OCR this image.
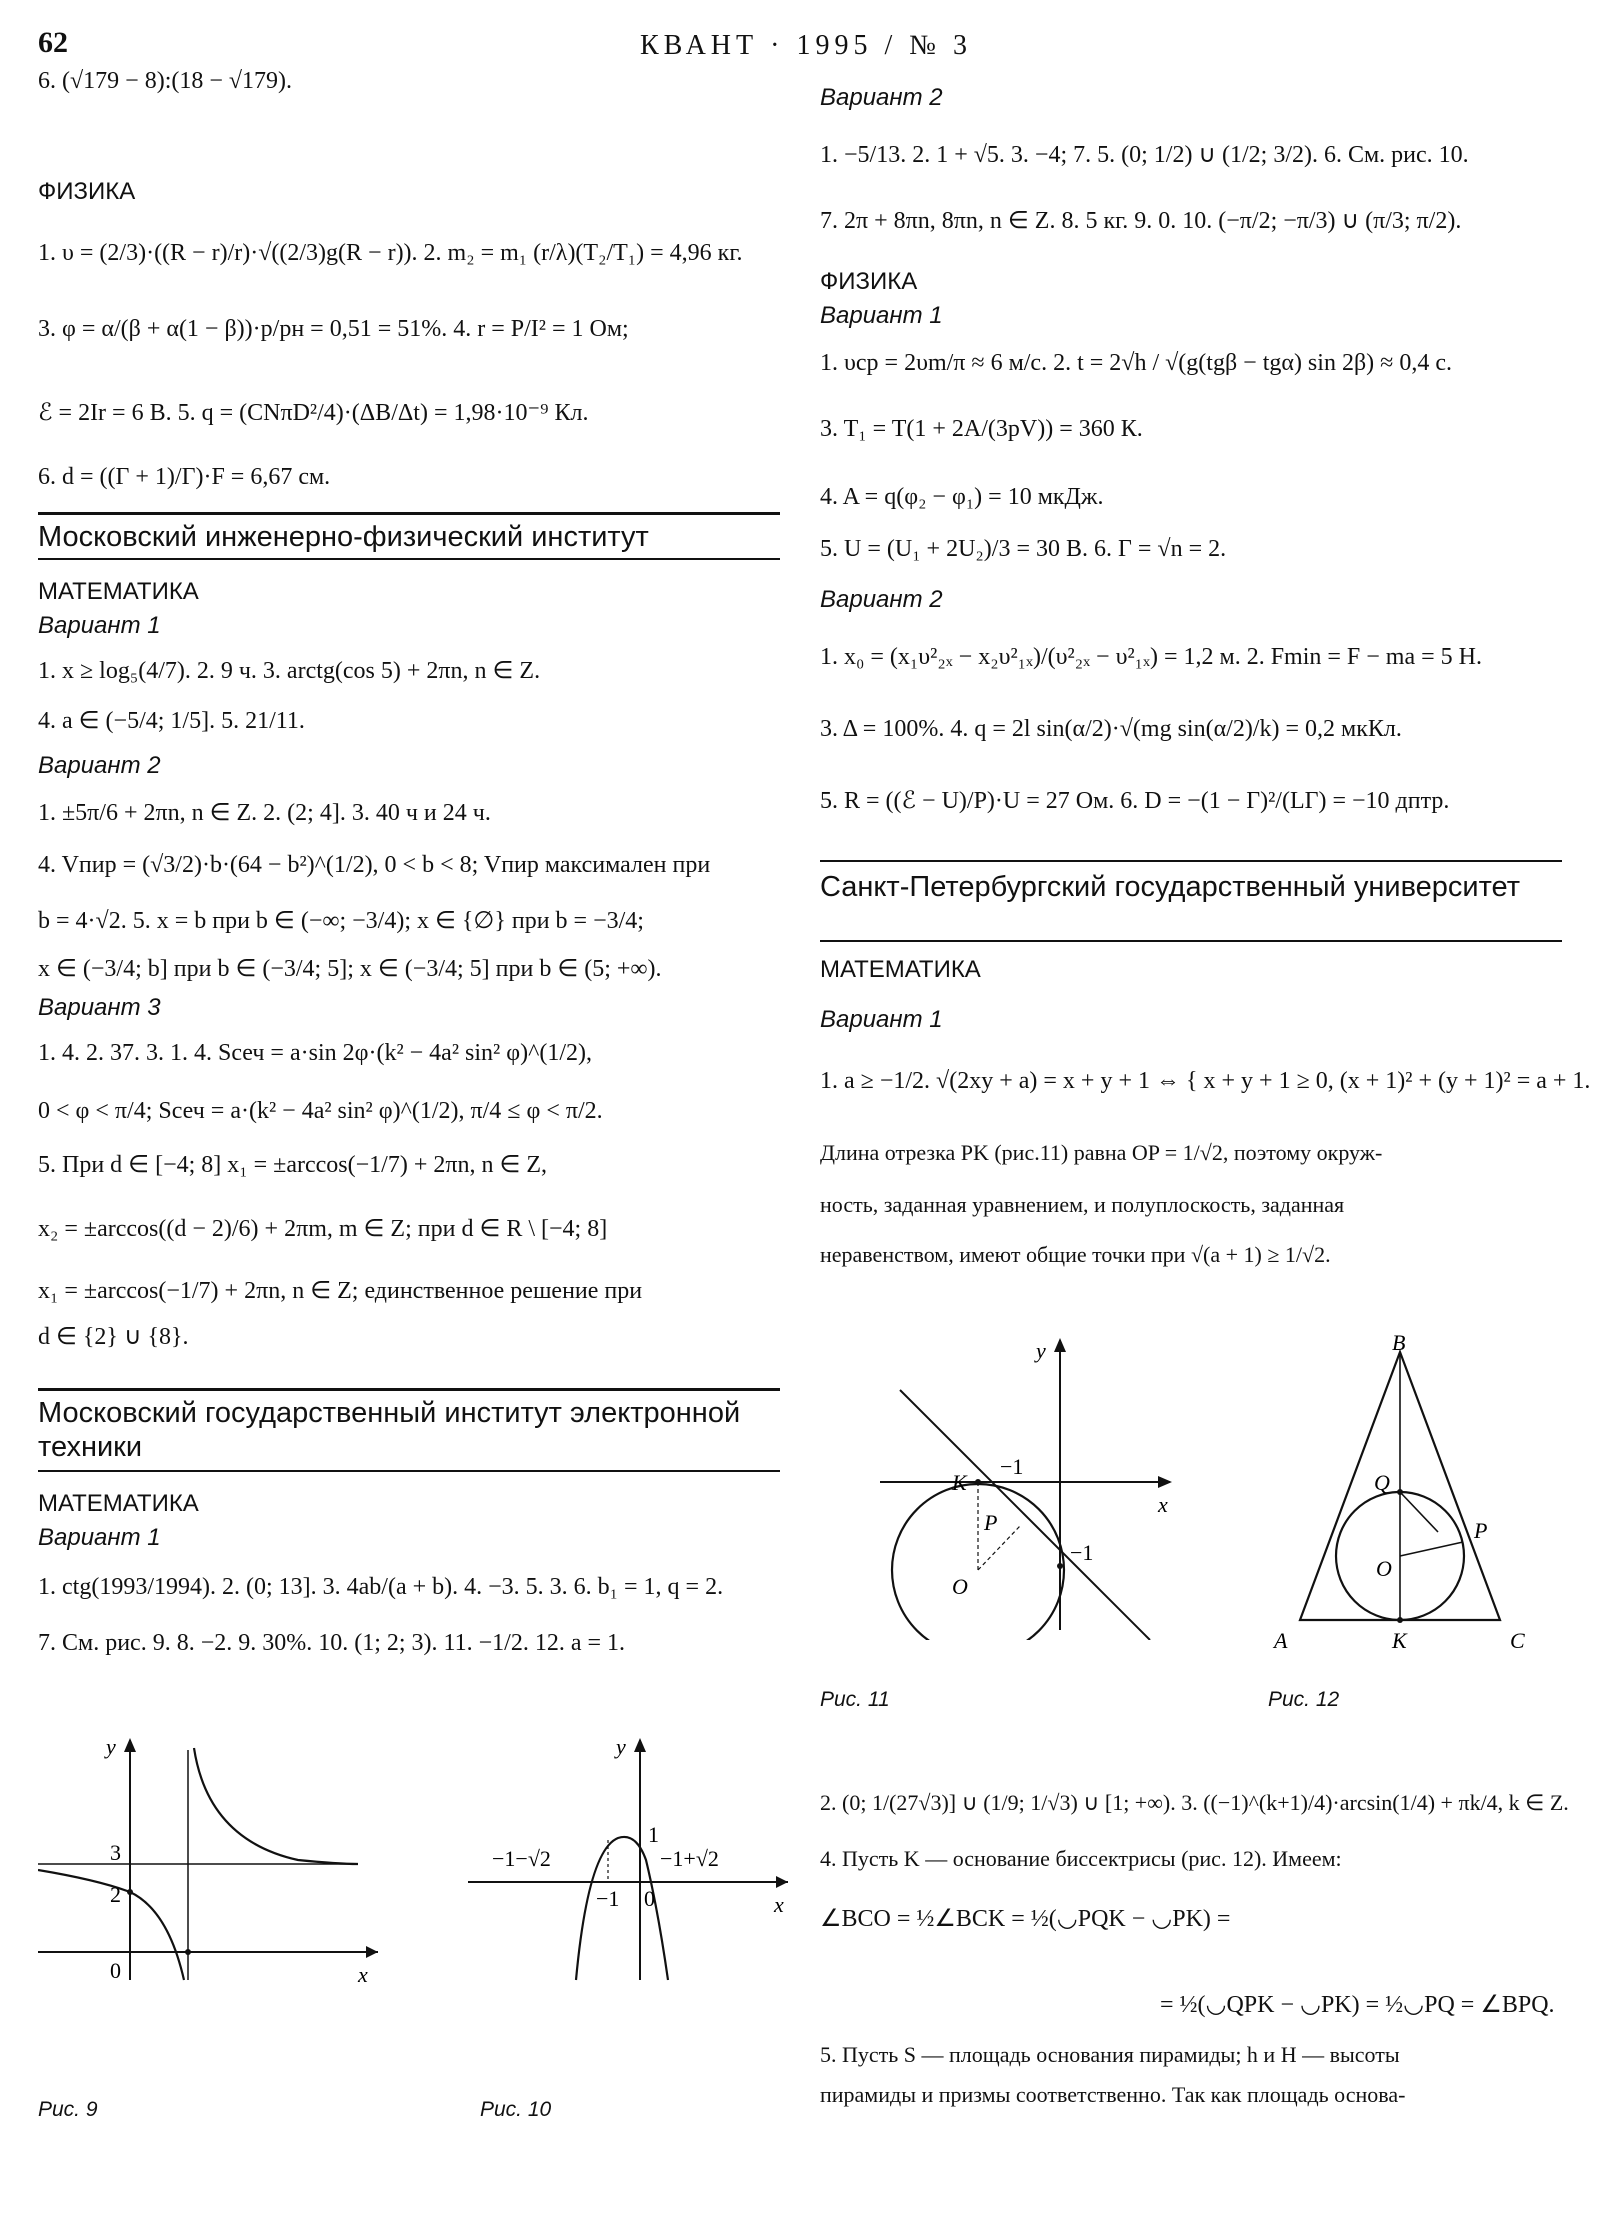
62	КВАНТ · 1995 / № 3
6. (√179 − 8):(18 − √179).
ФИЗИКА
1. υ = (2/3)·((R − r)/r)·√((2/3)g(R − r)). 2. m₂ = m₁ (r/λ)(T₂/T₁) = 4,96 кг.
3. φ = α/(β + α(1 − β))·p/pн = 0,51 = 51%. 4. r = P/I² = 1 Ом;
ℰ = 2Ir = 6 В. 5. q = (CNπD²/4)·(ΔB/Δt) = 1,98·10⁻⁹ Кл.
6. d = ((Γ + 1)/Γ)·F = 6,67 см.
Московский инженерно-физический институт
МАТЕМАТИКА
Вариант 1
1. x ≥ log₅(4/7). 2. 9 ч. 3. arctg(cos 5) + 2πn, n ∈ Z.
4. a ∈ (−5/4; 1/5]. 5. 21/11.
Вариант 2
1. ±5π/6 + 2πn, n ∈ Z. 2. (2; 4]. 3. 40 ч и 24 ч.
4. Vпир = (√3/2)·b·(64 − b²)^(1/2), 0 < b < 8; Vпир максимален при
b = 4·√2. 5. x = b при b ∈ (−∞; −3/4); x ∈ {∅} при b = −3/4;
x ∈ (−3/4; b] при b ∈ (−3/4; 5]; x ∈ (−3/4; 5] при b ∈ (5; +∞).
Вариант 3
1. 4. 2. 37. 3. 1. 4. Sсеч = a·sin 2φ·(k² − 4a² sin² φ)^(1/2),
0 < φ < π/4; Sсеч = a·(k² − 4a² sin² φ)^(1/2), π/4 ≤ φ < π/2.
5. При d ∈ [−4; 8] x₁ = ±arccos(−1/7) + 2πn, n ∈ Z,
x₂ = ±arccos((d − 2)/6) + 2πm, m ∈ Z; при d ∈ R \ [−4; 8]
x₁ = ±arccos(−1/7) + 2πn, n ∈ Z; единственное решение при
d ∈ {2} ∪ {8}.
Московский государственный институт электронной техники
МАТЕМАТИКА
Вариант 1
1. ctg(1993/1994). 2. (0; 13]. 3. 4ab/(a + b). 4. −3. 5. 3. 6. b₁ = 1, q = 2.
7. См. рис. 9. 8. −2. 9. 30%. 10. (1; 2; 3). 11. −1/2. 12. a = 1.
y
x
3
2
0
y
x
−1−√2	−1+√2
1
−1 0
Рис. 9	Рис. 10
Вариант 2
1. −5/13. 2. 1 + √5. 3. −4; 7. 5. (0; 1/2) ∪ (1/2; 3/2). 6. См. рис. 10.
7. 2π + 8πn, 8πn, n ∈ Z. 8. 5 кг. 9. 0. 10. (−π/2; −π/3) ∪ (π/3; π/2).
ФИЗИКА
Вариант 1
1. υср = 2υm/π ≈ 6 м/с. 2. t = 2√h / √(g(tgβ − tgα) sin 2β) ≈ 0,4 с.
3. T₁ = T(1 + 2A/(3pV)) = 360 К.
4. A = q(φ₂ − φ₁) = 10 мкДж.
5. U = (U₁ + 2U₂)/3 = 30 В. 6. Γ = √n = 2.
Вариант 2
1. x₀ = (x₁υ²₂ₓ − x₂υ²₁ₓ)/(υ²₂ₓ − υ²₁ₓ) = 1,2 м. 2. Fmin = F − ma = 5 Н.
3. Δ = 100%. 4. q = 2l sin(α/2)·√(mg sin(α/2)/k) = 0,2 мкКл.
5. R = ((ℰ − U)/P)·U = 27 Ом. 6. D = −(1 − Γ)²/(LΓ) = −10 дптр.
Санкт-Петербургский государственный университет
МАТЕМАТИКА
Вариант 1
1. a ≥ −1/2. √(2xy + a) = x + y + 1 ⇔ { x + y + 1 ≥ 0, (x + 1)² + (y + 1)² = a + 1.
Длина отрезка PK (рис.11) равна OP = 1/√2, поэтому окруж-
ность, заданная уравнением, и полуплоскость, заданная
неравенством, имеют общие точки при √(a + 1) ≥ 1/√2.
y
x
K
P
O
−1
−1
B
A	C
K
O
P
Q
Рис. 11	Рис. 12
2. (0; 1/(27√3)] ∪ (1/9; 1/√3) ∪ [1; +∞). 3. ((−1)^(k+1)/4)·arcsin(1/4) + πk/4, k ∈ Z.
4. Пусть K — основание биссектрисы (рис. 12). Имеем:
∠BCO = ½∠BCK = ½(◡PQK − ◡PK) =
= ½(◡QPK − ◡PK) = ½◡PQ = ∠BPQ.
5. Пусть S — площадь основания пирамиды; h и H — высоты
пирамиды и призмы соответственно. Так как площадь основа-
